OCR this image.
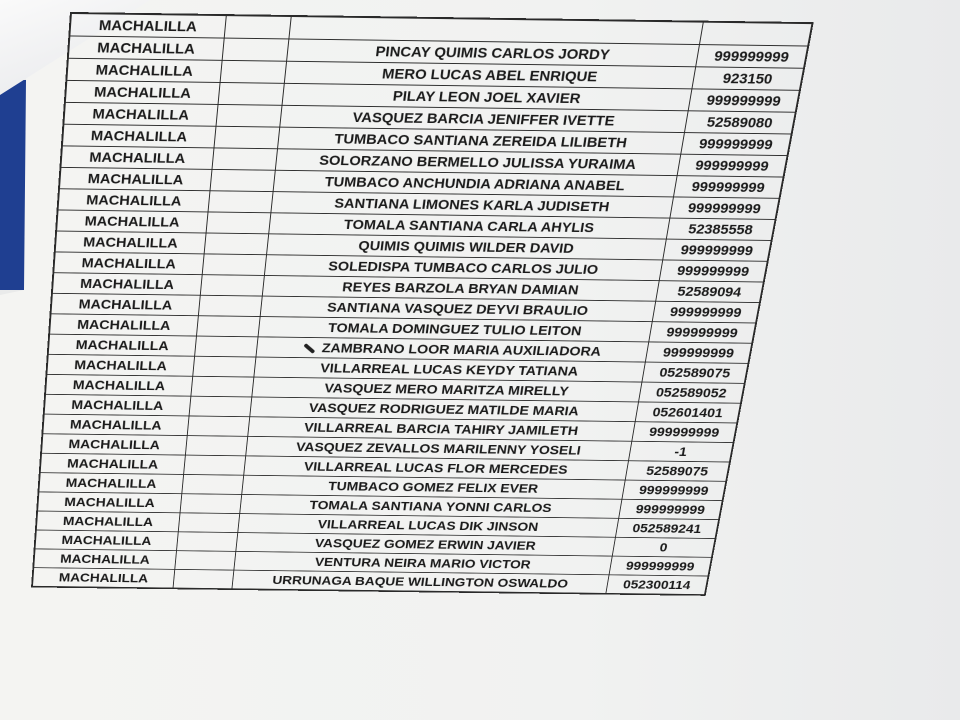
MACHALILLA			
MACHALILLA		PINCAY QUIMIS CARLOS JORDY	999999999
MACHALILLA		MERO LUCAS ABEL ENRIQUE	923150
MACHALILLA		PILAY LEON JOEL XAVIER	999999999
MACHALILLA		VASQUEZ BARCIA JENIFFER IVETTE	52589080
MACHALILLA		TUMBACO SANTIANA ZEREIDA LILIBETH	999999999
MACHALILLA		SOLORZANO BERMELLO JULISSA YURAIMA	999999999
MACHALILLA		TUMBACO ANCHUNDIA ADRIANA ANABEL	999999999
MACHALILLA		SANTIANA LIMONES KARLA JUDISETH	999999999
MACHALILLA		TOMALA SANTIANA CARLA AHYLIS	52385558
MACHALILLA		QUIMIS QUIMIS WILDER DAVID	999999999
MACHALILLA		SOLEDISPA TUMBACO CARLOS JULIO	999999999
MACHALILLA		REYES BARZOLA BRYAN DAMIAN	52589094
MACHALILLA		SANTIANA VASQUEZ DEYVI BRAULIO	999999999
MACHALILLA		TOMALA DOMINGUEZ TULIO LEITON	999999999
MACHALILLA		ZAMBRANO LOOR MARIA AUXILIADORA	999999999
MACHALILLA		VILLARREAL LUCAS KEYDY TATIANA	052589075
MACHALILLA		VASQUEZ MERO MARITZA MIRELLY	052589052
MACHALILLA		VASQUEZ RODRIGUEZ MATILDE MARIA	052601401
MACHALILLA		VILLARREAL BARCIA TAHIRY JAMILETH	999999999
MACHALILLA		VASQUEZ ZEVALLOS MARILENNY YOSELI	-1
MACHALILLA		VILLARREAL LUCAS FLOR MERCEDES	52589075
MACHALILLA		TUMBACO GOMEZ FELIX EVER	999999999
MACHALILLA		TOMALA SANTIANA YONNI CARLOS	999999999
MACHALILLA		VILLARREAL LUCAS DIK JINSON	052589241
MACHALILLA		VASQUEZ GOMEZ ERWIN JAVIER	0
MACHALILLA		VENTURA NEIRA MARIO VICTOR	999999999
MACHALILLA		URRUNAGA BAQUE WILLINGTON OSWALDO	052300114
